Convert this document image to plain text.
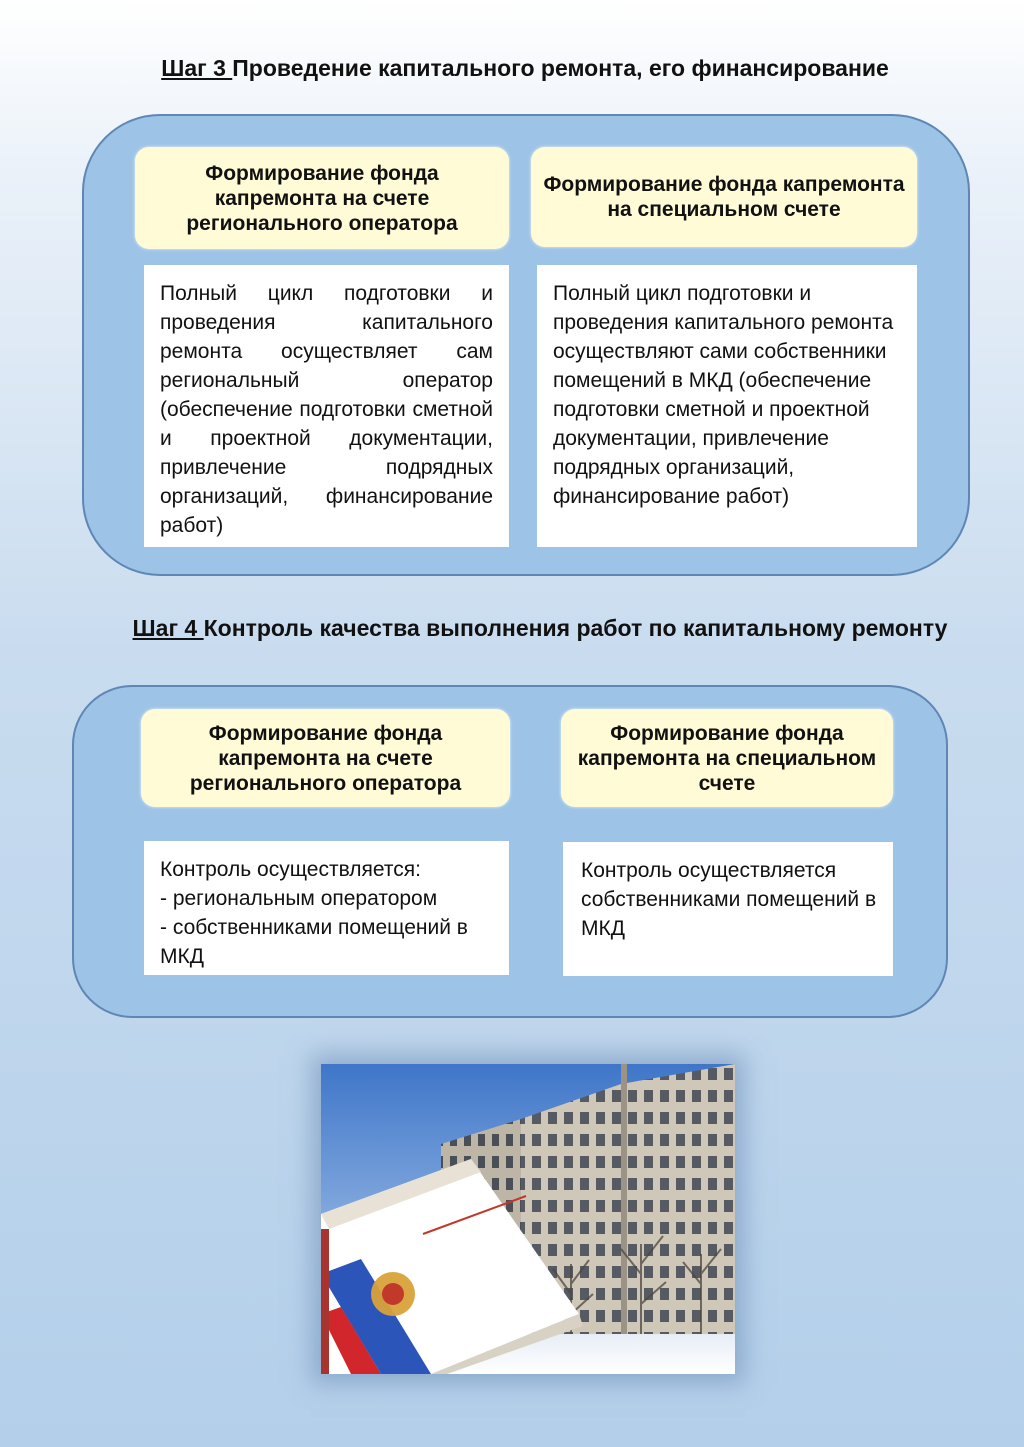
Шаг 3 Проведение капитального ремонта, его финансирование
Формирование фонда капремонта на счете регионального оператора
Формирование фонда капремонта на специальном счете
Полный цикл подготовки и проведения капитального ремонта осуществляет сам региональный оператор (обеспечение подготовки сметной и проектной документации, привлечение подрядных организаций, финансирование работ)
Полный цикл подготовки и проведения капитального ремонта осуществляют сами собственники помещений в МКД (обеспечение подготовки сметной и проектной документации, привлечение подрядных организаций, финансирование работ)
Шаг 4 Контроль качества выполнения работ по капитальному ремонту
Формирование фонда капремонта на счете регионального оператора
Формирование фонда капремонта на специальном счете
Контроль осуществляется:
- региональным оператором
- собственниками помещений в МКД
Контроль осуществляется собственниками помещений в МКД
